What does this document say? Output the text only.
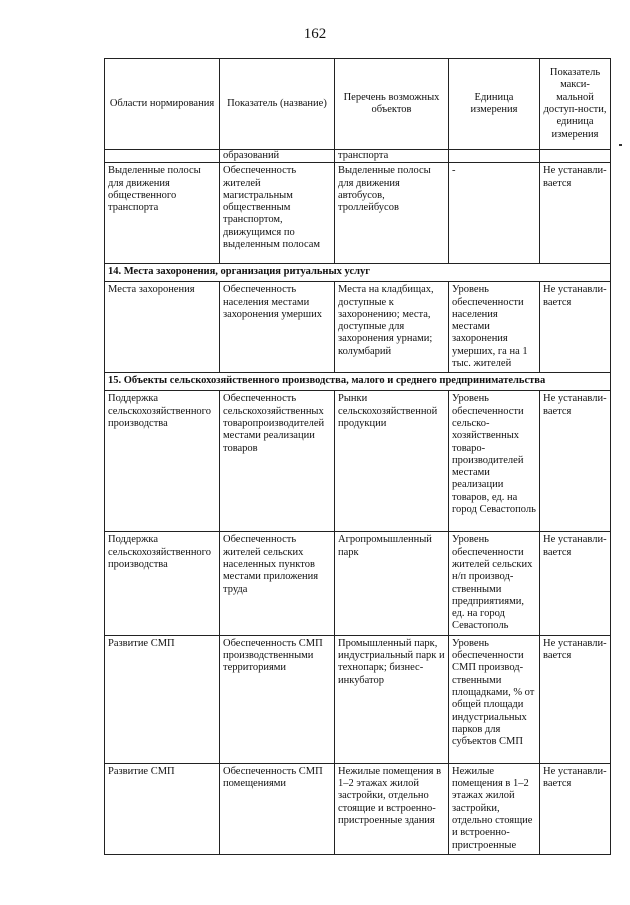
162
Области нормирования	Показатель (название)	Перечень возможных объектов	Единица измерения	Показатель макси-мальной доступ-ности, единица измерения
	образований	транспорта		
Выделенные полосы для движения общественного транспорта	Обеспеченность жителей магистральным общественным транспортом, движущимся по выделенным полосам	Выделенные полосы для движения автобусов, троллейбусов	-	Не устанавли-вается
14. Места захоронения, организация ритуальных услуг				
Места захоронения	Обеспеченность населения местами захоронения умерших	Места на кладбищах, доступные к захоронению; места, доступные для захоронения урнами; колумбарий	Уровень обеспеченности населения местами захоронения умерших, га на 1 тыс. жителей	Не устанавли-вается
15. Объекты сельскохозяйственного производства, малого и среднего предпринимательства				
Поддержка сельскохозяйственного производства	Обеспеченность сельскохозяйственных товаропроизводителей местами реализации товаров	Рынки сельскохозяйственной продукции	Уровень обеспеченности сельско-хозяйственных товаро-производителей местами реализации товаров, ед. на город Севастополь	Не устанавли-вается
Поддержка сельскохозяйственного производства	Обеспеченность жителей сельских населенных пунктов местами приложения труда	Агропромышленный парк	Уровень обеспеченности жителей сельских н/п производ-ственными предприятиями, ед. на город Севастополь	Не устанавли-вается
Развитие СМП	Обеспеченность СМП производственными территориями	Промышленный парк, индустриальный парк и технопарк; бизнес-инкубатор	Уровень обеспеченности СМП производ-ственными площадками, % от общей площади индустриальных парков для субъектов СМП	Не устанавли-вается
Развитие СМП	Обеспеченность СМП помещениями	Нежилые помещения в 1–2 этажах жилой застройки, отдельно стоящие и встроенно-пристроенные здания	Нежилые помещения в 1–2 этажах жилой застройки, отдельно стоящие и встроенно-пристроенные	Не устанавли-вается
